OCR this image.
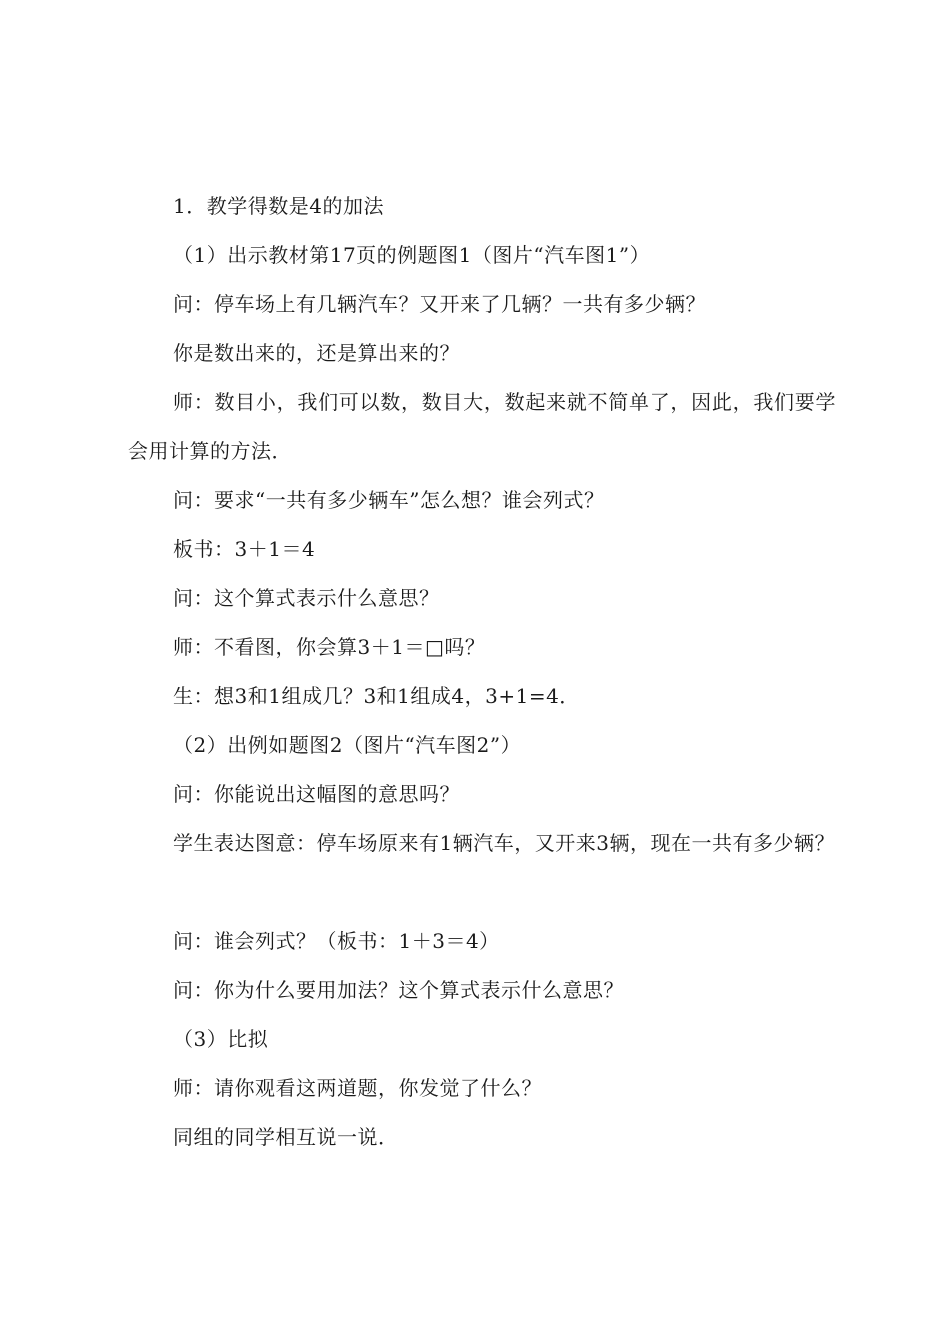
1．教学得数是4的加法

（1）出示教材第17页的例题图1（图片“汽车图1”）

问：停车场上有几辆汽车？又开来了几辆？一共有多少辆？

你是数出来的，还是算出来的？

师：数目小，我们可以数，数目大，数起来就不简单了，因此，我们要学会用计算的方法．

问：要求“一共有多少辆车”怎么想？谁会列式？

板书：3＋1＝4

问：这个算式表示什么意思？

师：不看图，你会算3＋1＝□吗？

生：想3和1组成几？3和1组成4，3+1=4．

（2）出例如题图2（图片“汽车图2”）

问：你能说出这幅图的意思吗？

学生表达图意：停车场原来有1辆汽车，又开来3辆，现在一共有多少辆？

问：谁会列式？（板书：1＋3＝4）

问：你为什么要用加法？这个算式表示什么意思？

（3）比拟

师：请你观看这两道题，你发觉了什么？

同组的同学相互说一说．
